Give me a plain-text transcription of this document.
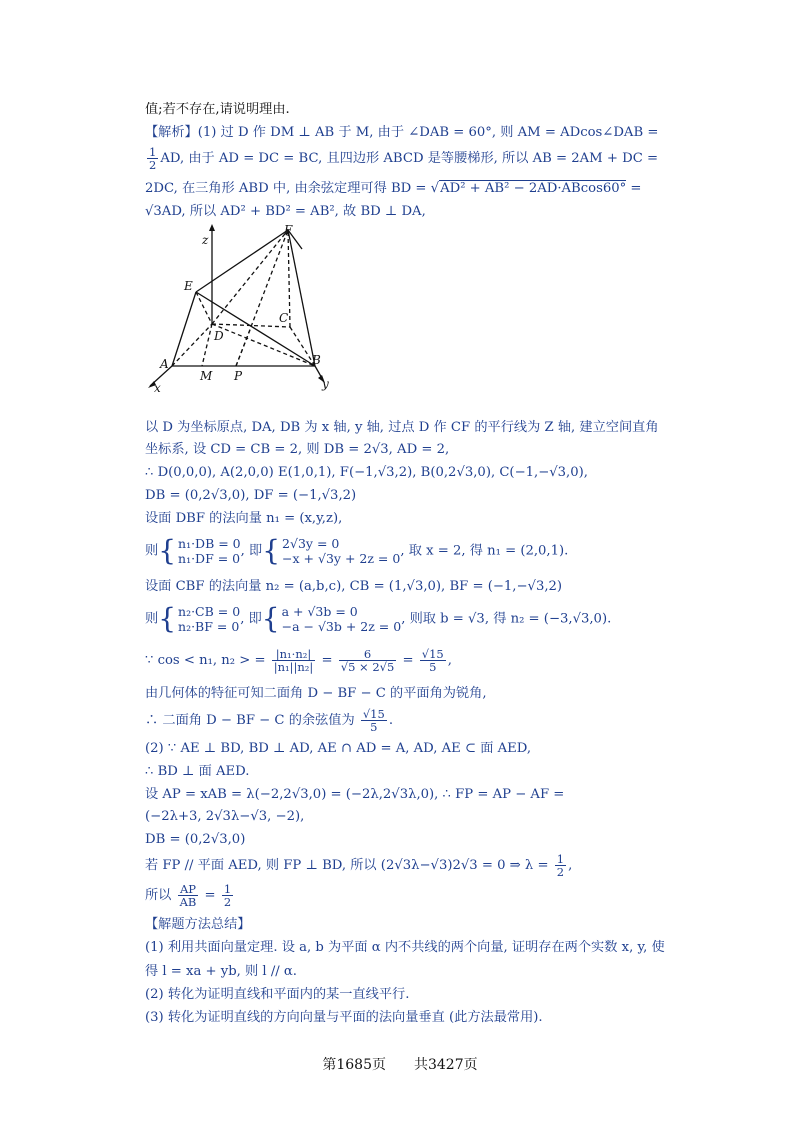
值;若不存在,请说明理由.
【解析】(1) 过 D 作 DM ⊥ AB 于 M, 由于 ∠DAB = 60°, 则 AM = ADcos∠DAB =
$\frac{1}{2}$ AD, 由于 AD = DC = BC, 且四边形 ABCD 是等腰梯形, 所以 AB = 2AM + DC =
2DC, 在三角形 ABD 中, 由余弦定理可得 BD = √AD² + AB² − 2AD·ABcos60° =
√3AD, 所以 AD² + BD² = AB², 故 BD ⊥ DA,
z
F
E
C
D
A	B
M P
x	y
以 D 为坐标原点, DA, DB 为 x 轴, y 轴, 过点 D 作 CF 的平行线为 Z 轴, 建立空间直角
坐标系, 设 CD = CB = 2, 则 DB = 2√3, AD = 2,
∴ D(0,0,0), A(2,0,0) E(1,0,1), F(−1,√3,2), B(0,2√3,0), C(−1,−√3,0),
DB = (0,2√3,0), DF = (−1,√3,2)
设面 DBF 的法向量 n₁ = (x,y,z),
则{ n₁·DB = 0
n₁·DF = 0, 即{ 2√3y = 0
−x + √3y + 2z = 0, 取 x = 2, 得 n₁ = (2,0,1).
设面 CBF 的法向量 n₂ = (a,b,c), CB = (1,√3,0), BF = (−1,−√3,2)
则{ n₂·CB = 0
n₂·BF = 0, 即{ a + √3b = 0
−a − √3b + 2z = 0, 则取 b = √3, 得 n₂ = (−3,√3,0).
∵ cos < n₁, n₂ > = $\frac{\text{|n₁·n₂|}}{\text{|n₁||n₂|}} = \frac{6}{√5 \times 2√5} = \frac{√15}{5}$ ,
由几何体的特征可知二面角 D − BF − C 的平面角为锐角,
∴ 二面角 D − BF − C 的余弦值为 $\frac{√15}{5}$ .
(2) ∵ AE ⊥ BD, BD ⊥ AD, AE ∩ AD = A, AD, AE ⊂ 面 AED,
∴ BD ⊥ 面 AED.
设 AP = xAB = λ(−2,2√3,0) = (−2λ,2√3λ,0), ∴ FP = AP − AF =
(−2λ+3, 2√3λ−√3, −2),
DB = (0,2√3,0)
若 FP // 平面 AED, 则 FP ⊥ BD, 所以 (2√3λ−√3)2√3 = 0 ⇒ $\lambda = \frac{1}{2}$ ,
所以 $\frac{AP}{AB} = \frac{1}{2}$
【解题方法总结】
(1) 利用共面向量定理. 设 a, b 为平面 α 内不共线的两个向量, 证明存在两个实数 x, y, 使
得 l = xa + yb, 则 l // α.
(2) 转化为证明直线和平面内的某一直线平行.
(3) 转化为证明直线的方向向量与平面的法向量垂直 (此方法最常用).
第1685页　　共3427页
